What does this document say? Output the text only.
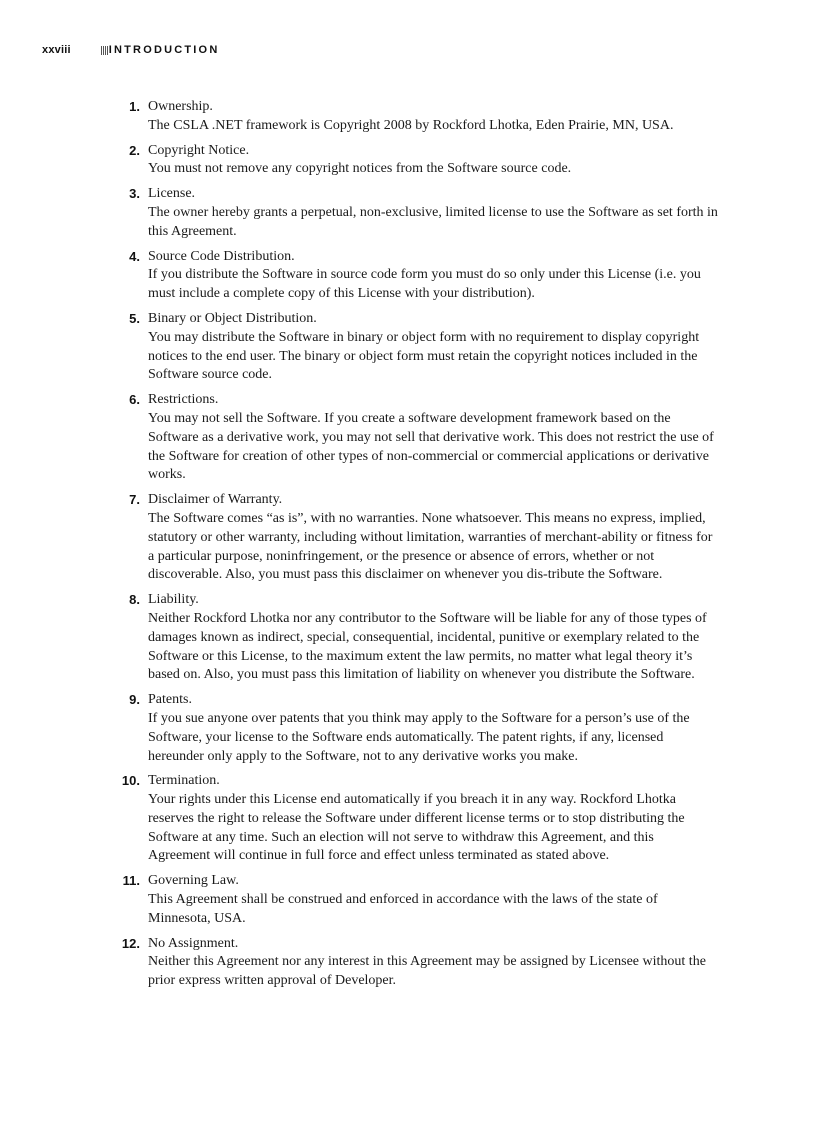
xxviii	INTRODUCTION
1. Ownership.
The CSLA .NET framework is Copyright 2008 by Rockford Lhotka, Eden Prairie, MN, USA.
2. Copyright Notice.
You must not remove any copyright notices from the Software source code.
3. License.
The owner hereby grants a perpetual, non-exclusive, limited license to use the Software as set forth in this Agreement.
4. Source Code Distribution.
If you distribute the Software in source code form you must do so only under this License (i.e. you must include a complete copy of this License with your distribution).
5. Binary or Object Distribution.
You may distribute the Software in binary or object form with no requirement to display copyright notices to the end user. The binary or object form must retain the copyright notices included in the Software source code.
6. Restrictions.
You may not sell the Software. If you create a software development framework based on the Software as a derivative work, you may not sell that derivative work. This does not restrict the use of the Software for creation of other types of non-commercial or commercial applications or derivative works.
7. Disclaimer of Warranty.
The Software comes “as is”, with no warranties. None whatsoever. This means no express, implied, statutory or other warranty, including without limitation, warranties of merchant-ability or fitness for a particular purpose, noninfringement, or the presence or absence of errors, whether or not discoverable. Also, you must pass this disclaimer on whenever you dis-tribute the Software.
8. Liability.
Neither Rockford Lhotka nor any contributor to the Software will be liable for any of those types of damages known as indirect, special, consequential, incidental, punitive or exemplary related to the Software or this License, to the maximum extent the law permits, no matter what legal theory it’s based on. Also, you must pass this limitation of liability on whenever you distribute the Software.
9. Patents.
If you sue anyone over patents that you think may apply to the Software for a person’s use of the Software, your license to the Software ends automatically. The patent rights, if any, licensed hereunder only apply to the Software, not to any derivative works you make.
10. Termination.
Your rights under this License end automatically if you breach it in any way. Rockford Lhotka reserves the right to release the Software under different license terms or to stop distributing the Software at any time. Such an election will not serve to withdraw this Agreement, and this Agreement will continue in full force and effect unless terminated as stated above.
11. Governing Law.
This Agreement shall be construed and enforced in accordance with the laws of the state of Minnesota, USA.
12. No Assignment.
Neither this Agreement nor any interest in this Agreement may be assigned by Licensee without the prior express written approval of Developer.
